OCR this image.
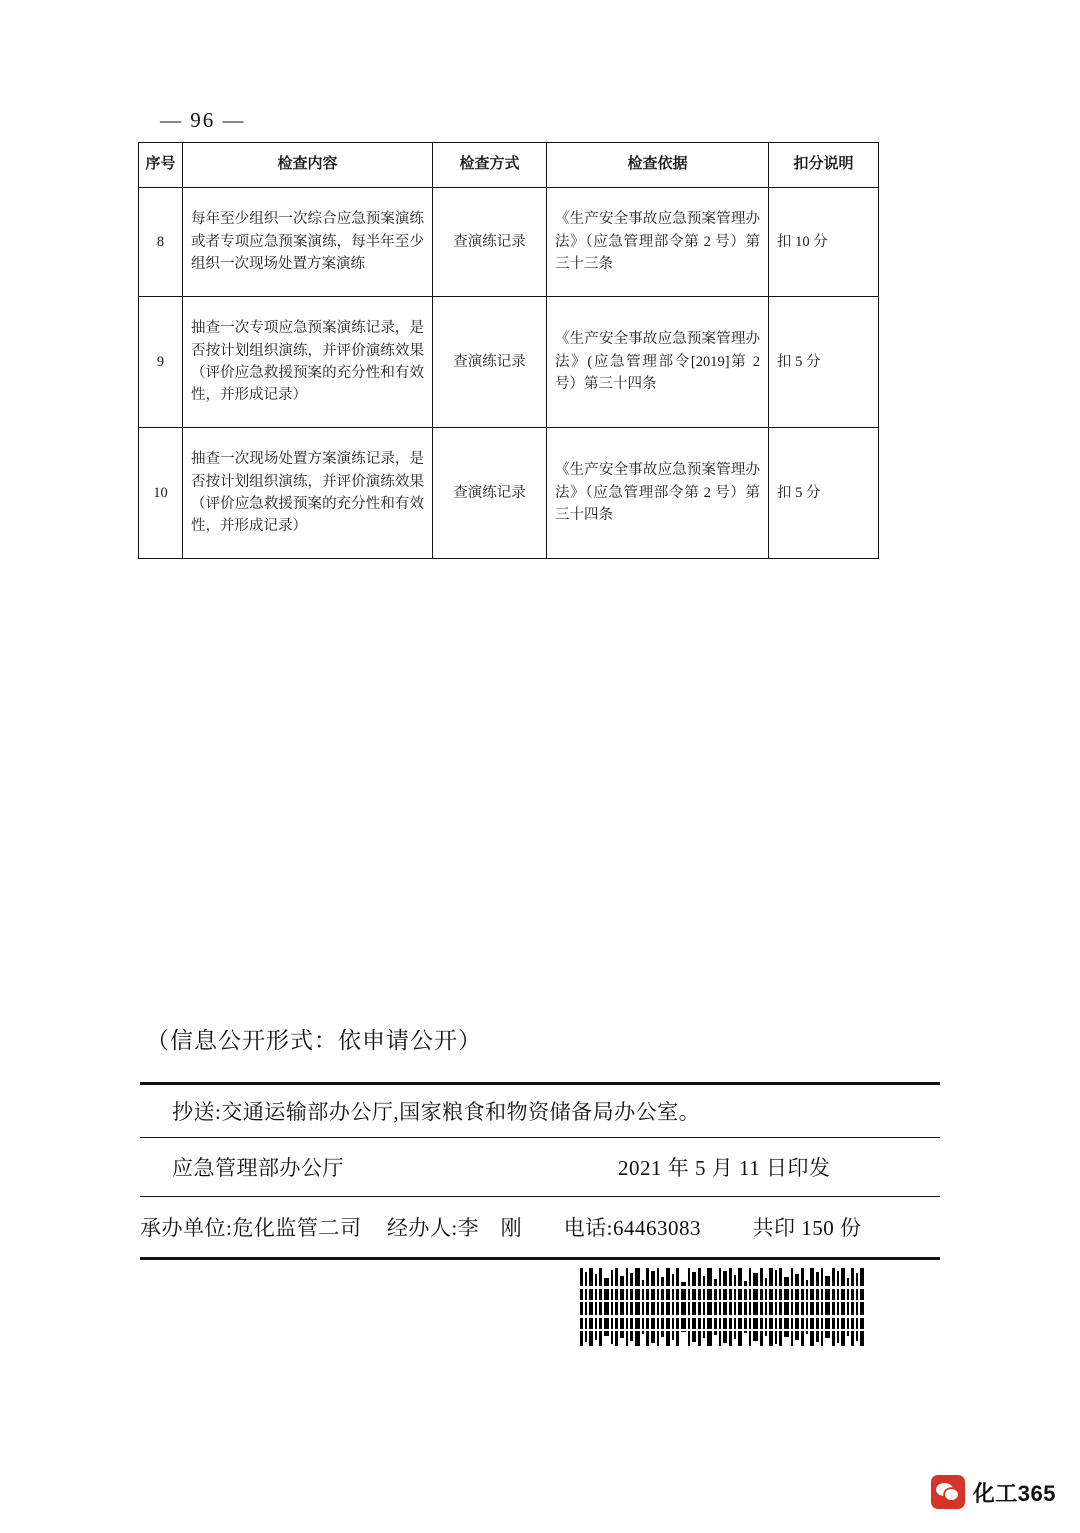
— 96 —
序号	检查内容	检查方式	检查依据	扣分说明
8	每年至少组织一次综合应急预案演练或者专项应急预案演练，每半年至少组织一次现场处置方案演练	查演练记录	《生产安全事故应急预案管理办法》（应急管理部令第 2 号）第三十三条	扣 10 分
9	抽查一次专项应急预案演练记录，是否按计划组织演练，并评价演练效果（评价应急救援预案的充分性和有效性，并形成记录）	查演练记录	《生产安全事故应急预案管理办法》(应急管理部令[2019]第 2 号）第三十四条	扣 5 分
10	抽查一次现场处置方案演练记录，是否按计划组织演练，并评价演练效果（评价应急救援预案的充分性和有效性，并形成记录）	查演练记录	《生产安全事故应急预案管理办法》（应急管理部令第 2 号）第三十四条	扣 5 分
（信息公开形式：依申请公开）
抄送:交通运输部办公厅,国家粮食和物资储备局办公室。
应急管理部办公厅	2021 年 5 月 11 日印发
承办单位:危化监管二司 经办人:李　刚 电话:64463083 共印 150 份
化工365
